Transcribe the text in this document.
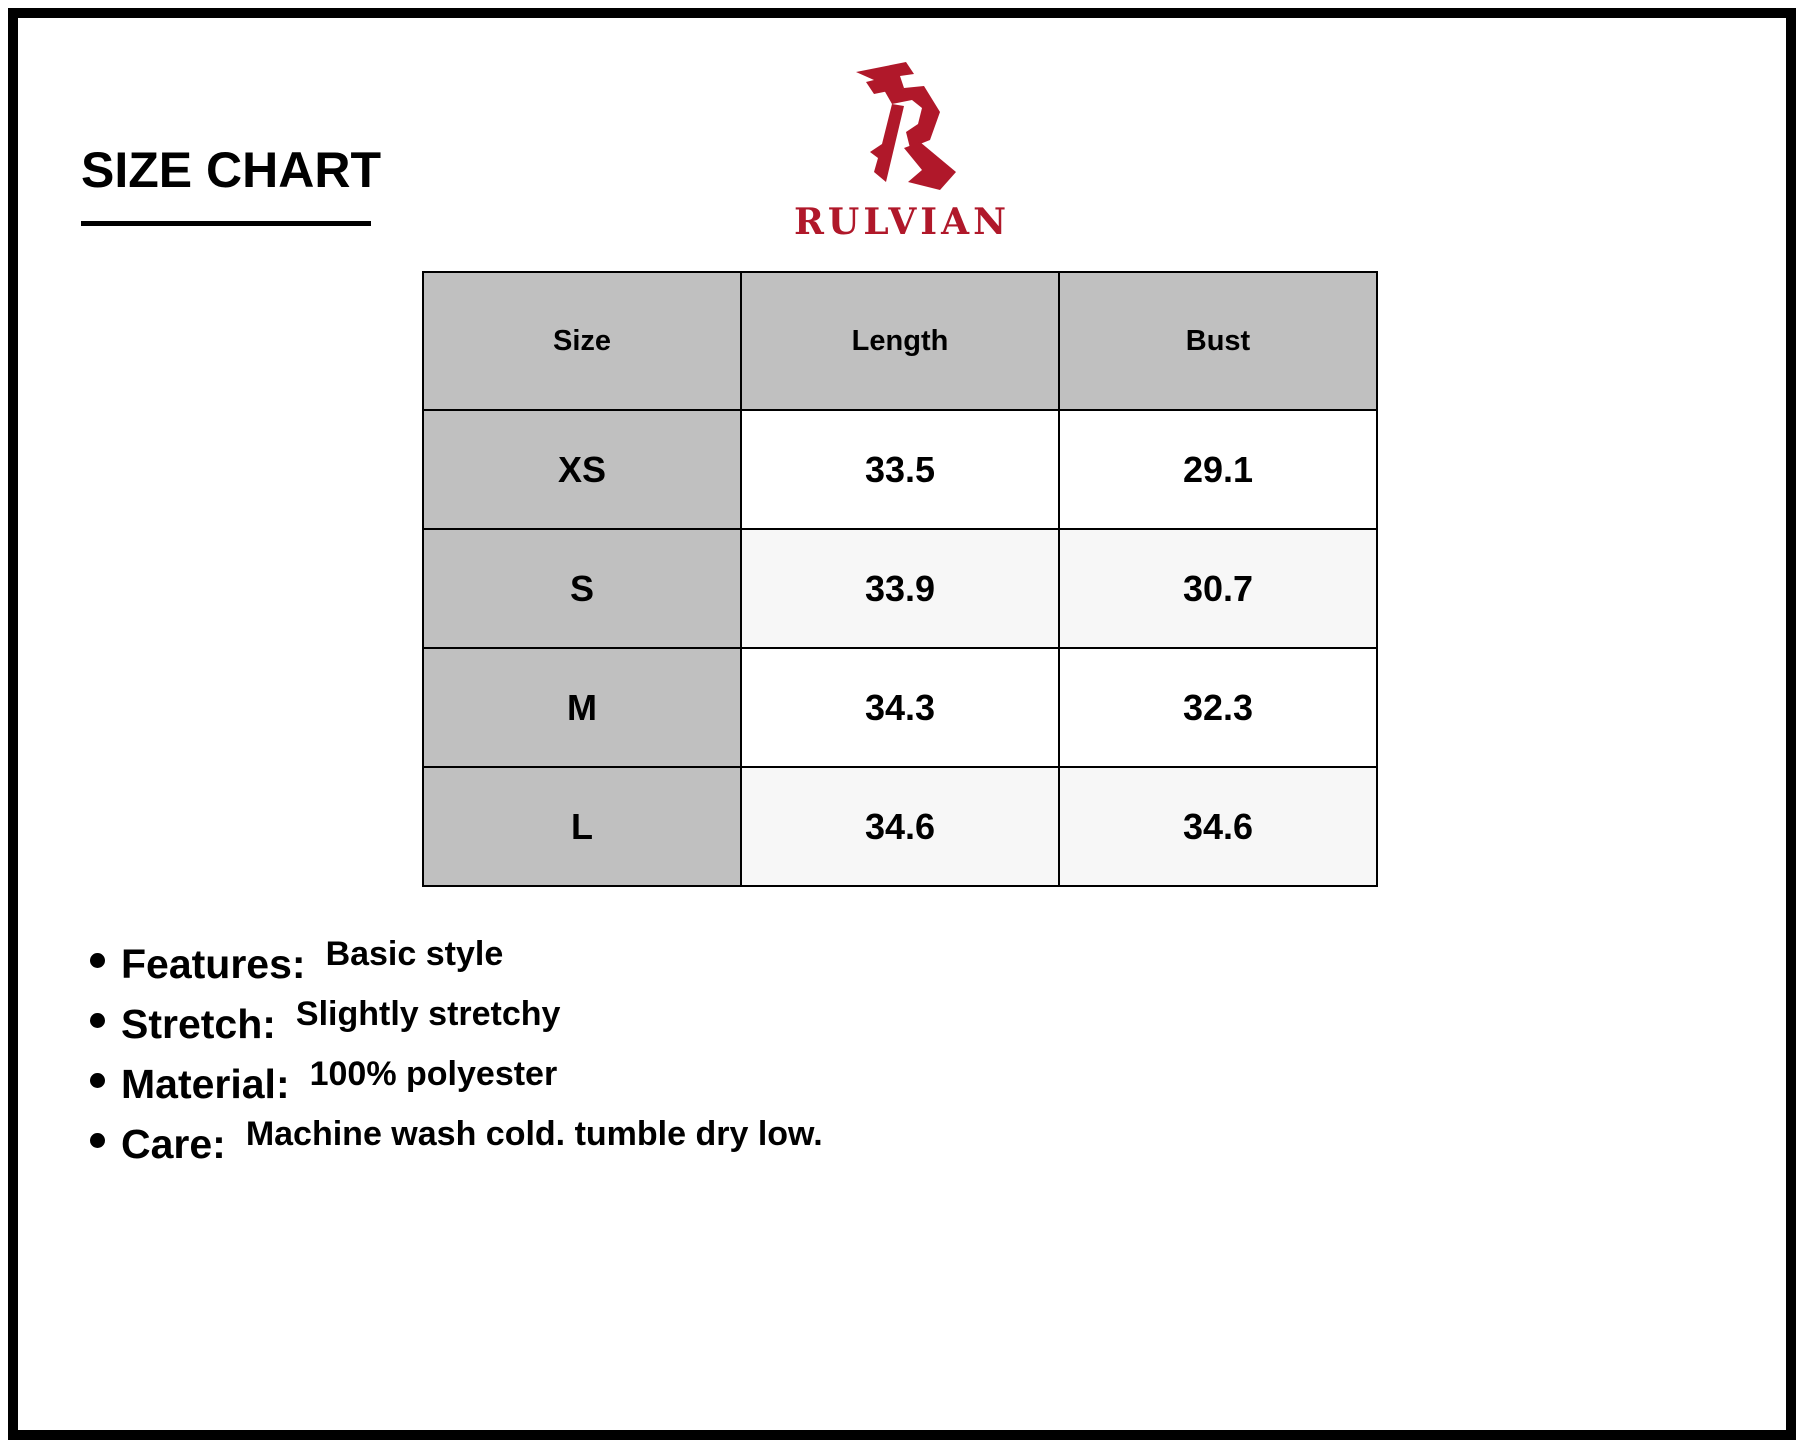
SIZE CHART
RULVIAN
Size	Length	Bust
XS	33.5	29.1
S	33.9	30.7
M	34.3	32.3
L	34.6	34.6
Features: Basic style
Stretch: Slightly stretchy
Material: 100% polyester
Care: Machine wash cold. tumble dry low.
